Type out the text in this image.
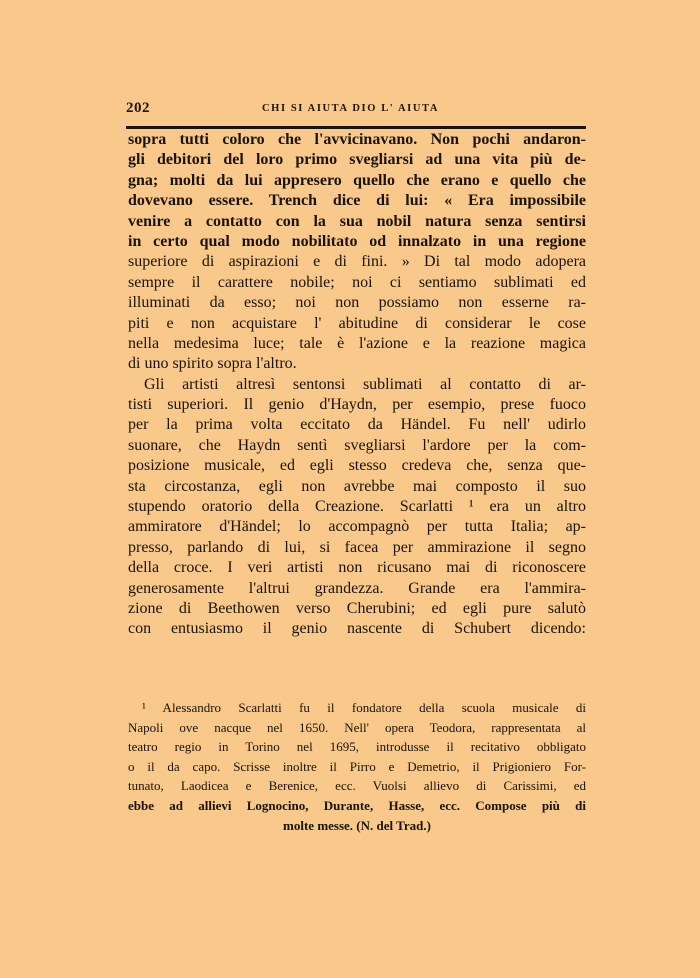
202	CHI SI AIUTA DIO L' AIUTA
sopra tutti coloro che l'avvicinavano. Non pochi andaron-
gli debitori del loro primo svegliarsi ad una vita più de-
gna; molti da lui appresero quello che erano e quello che
dovevano essere. Trench dice di lui: « Era impossibile
venire a contatto con la sua nobil natura senza sentirsi
in certo qual modo nobilitato od innalzato in una regione
superiore di aspirazioni e di fini. » Di tal modo adopera
sempre il carattere nobile; noi ci sentiamo sublimati ed
illuminati da esso; noi non possiamo non esserne ra-
piti e non acquistare l' abitudine di considerar le cose
nella medesima luce; tale è l'azione e la reazione magica
di uno spirito sopra l'altro.
Gli artisti altresì sentonsi sublimati al contatto di ar-
tisti superiori. Il genio d'Haydn, per esempio, prese fuoco
per la prima volta eccitato da Händel. Fu nell' udirlo
suonare, che Haydn sentì svegliarsi l'ardore per la com-
posizione musicale, ed egli stesso credeva che, senza que-
sta circostanza, egli non avrebbe mai composto il suo
stupendo oratorio della Creazione. Scarlatti ¹ era un altro
ammiratore d'Händel; lo accompagnò per tutta Italia; ap-
presso, parlando di lui, si facea per ammirazione il segno
della croce. I veri artisti non ricusano mai di riconoscere
generosamente l'altrui grandezza. Grande era l'ammira-
zione di Beethowen verso Cherubini; ed egli pure salutò
con entusiasmo il genio nascente di Schubert dicendo:
¹ Alessandro Scarlatti fu il fondatore della scuola musicale di
Napoli ove nacque nel 1650. Nell' opera Teodora, rappresentata al
teatro regio in Torino nel 1695, introdusse il recitativo obbligato
o il da capo. Scrisse inoltre il Pirro e Demetrio, il Prigioniero For-
tunato, Laodicea e Berenice, ecc. Vuolsi allievo di Carissimi, ed
ebbe ad allievi Lognocino, Durante, Hasse, ecc. Compose più di
molte messe. (N. del Trad.)
